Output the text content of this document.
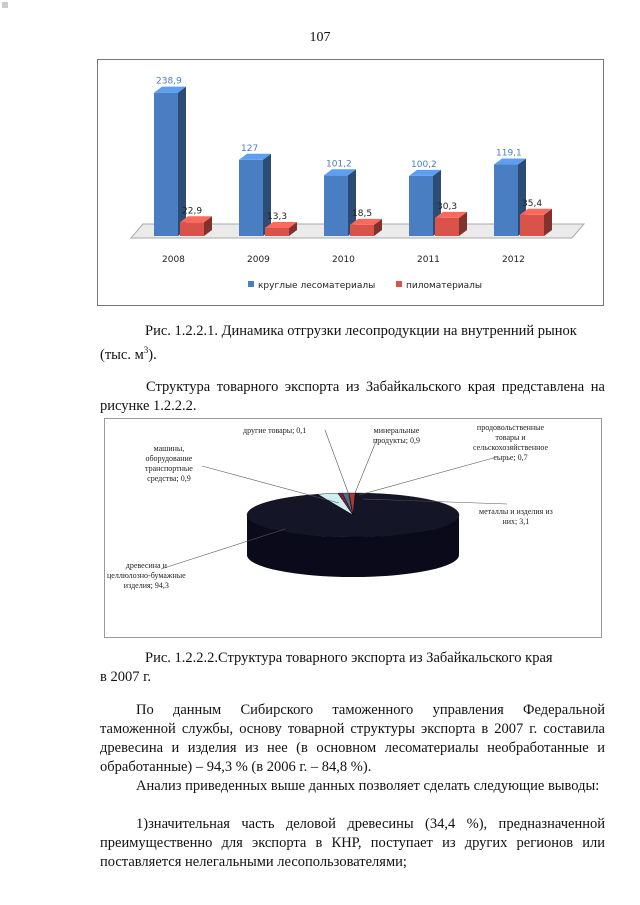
107
238,9
22,9
2008
127
13,3
2009
101,2
18,5
2010
100,2
30,3
2011
119,1
35,4
2012
круглые лесоматериалы	пиломатериалы
Рис. 1.2.2.1. Динамика отгрузки лесопродукции на внутренний рынок
(тыс. $м^3$).
Структура товарного экспорта из Забайкальского края представлена на рисунке 1.2.2.2.
другие товары; 0,1	минеральные
продукты; 0,9
продовольственные
товары и
сельскохозяйственное
сырье; 0,7
машины,
оборудование
транспортные
средства; 0,9
металлы и изделия из
них; 3,1
древесина и
целлюлозно-бумажные
изделия; 94,3
Рис. 1.2.2.2.Структура товарного экспорта из Забайкальского края
в 2007 г.
По данным Сибирского таможенного управления Федеральной таможенной службы, основу товарной структуры экспорта в 2007 г. составила древесина и изделия из нее (в основном лесоматериалы необработанные и обработанные) – 94,3 % (в 2006 г. – 84,8 %).
Анализ приведенных выше данных позволяет сделать следующие выводы:
1)значительная часть деловой древесины (34,4 %), предназначенной преимущественно для экспорта в КНР, поступает из других регионов или поставляется нелегальными лесопользователями;
